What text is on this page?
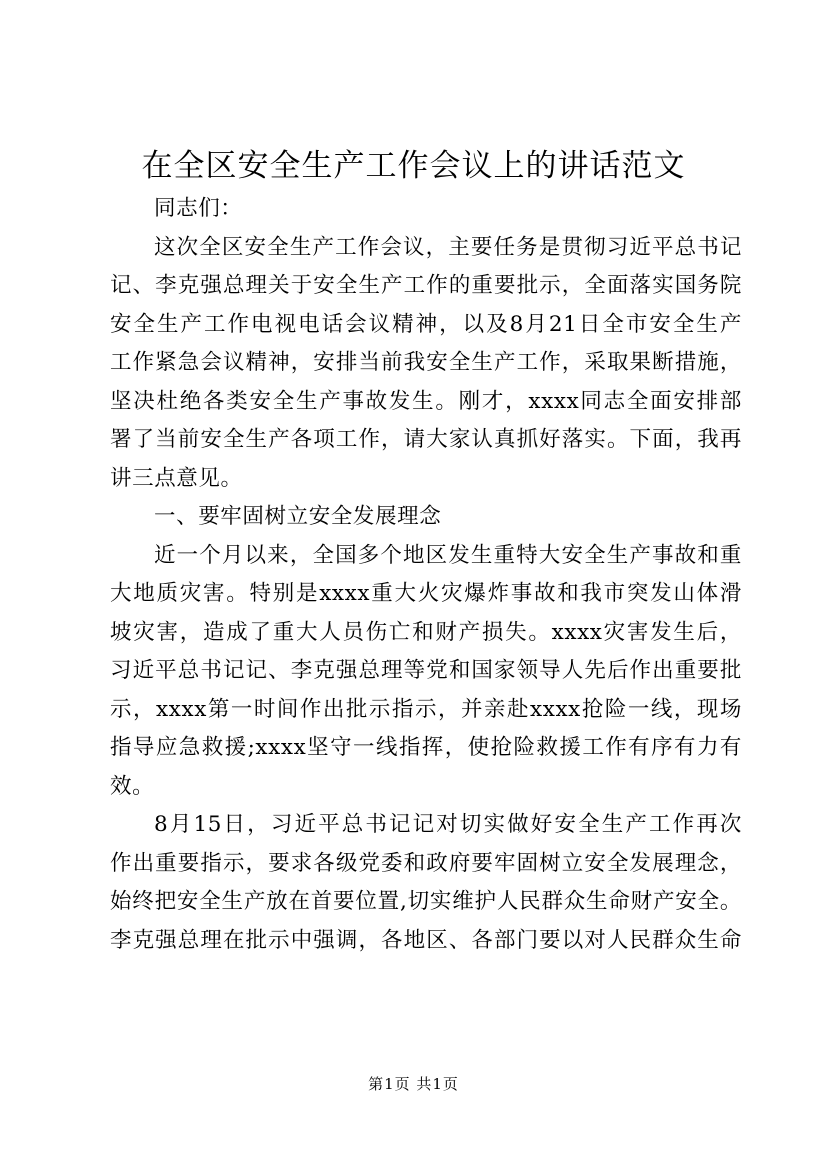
在全区安全生产工作会议上的讲话范文
同志们：
这次全区安全生产工作会议，主要任务是贯彻习近平总书记
记、李克强总理关于安全生产工作的重要批示，全面落实国务院
安全生产工作电视电话会议精神，以及8月21日全市安全生产
工作紧急会议精神，安排当前我安全生产工作，采取果断措施，
坚决杜绝各类安全生产事故发生。刚才，xxxx同志全面安排部
署了当前安全生产各项工作，请大家认真抓好落实。下面，我再
讲三点意见。
一、要牢固树立安全发展理念
近一个月以来，全国多个地区发生重特大安全生产事故和重
大地质灾害。特别是xxxx重大火灾爆炸事故和我市突发山体滑
坡灾害，造成了重大人员伤亡和财产损失。xxxx灾害发生后，
习近平总书记记、李克强总理等党和国家领导人先后作出重要批
示，xxxx第一时间作出批示指示，并亲赴xxxx抢险一线，现场
指导应急救援;xxxx坚守一线指挥，使抢险救援工作有序有力有
效。
8月15日，习近平总书记记对切实做好安全生产工作再次
作出重要指示，要求各级党委和政府要牢固树立安全发展理念，
始终把安全生产放在首要位置,切实维护人民群众生命财产安全。
李克强总理在批示中强调，各地区、各部门要以对人民群众生命
第1页 共1页
